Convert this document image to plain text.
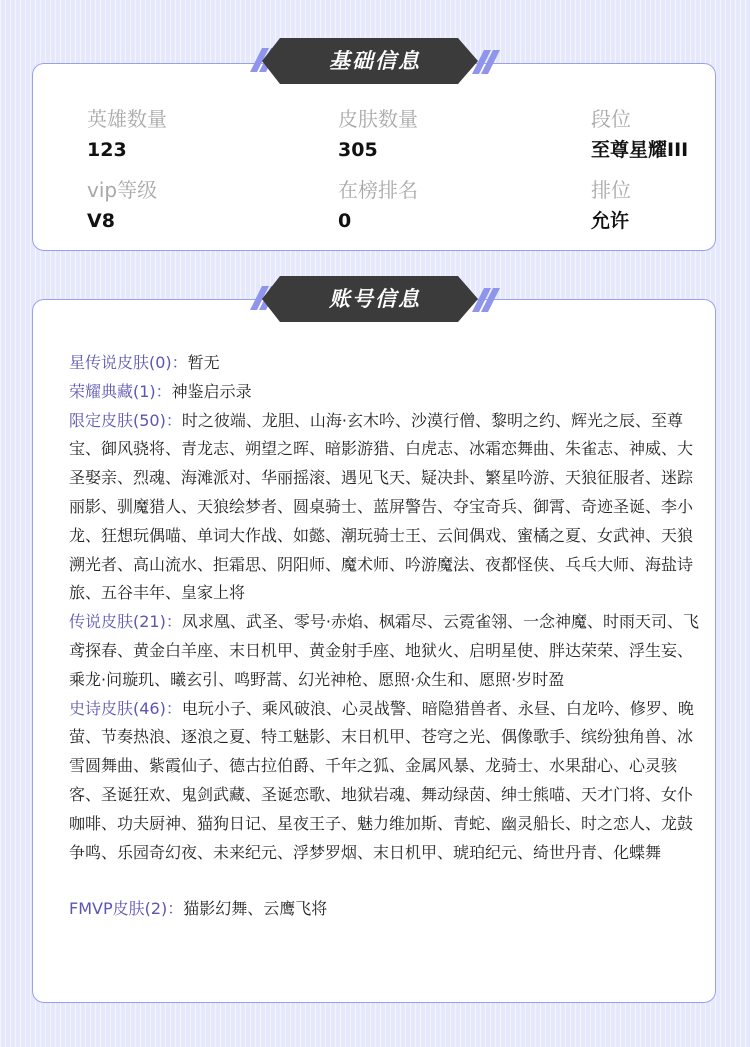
英雄数量
123
皮肤数量
305
段位
至尊星耀III
vip等级
V8
在榜排名
0
排位
允许
基础信息
星传说皮肤(0)：暂无
荣耀典藏(1)：神鉴启示录
限定皮肤(50)：时之彼端、龙胆、山海·玄木吟、沙漠行僧、黎明之约、辉光之辰、至尊宝、御风骁将、青龙志、朔望之晖、暗影游猎、白虎志、冰霜恋舞曲、朱雀志、神威、大圣娶亲、烈魂、海滩派对、华丽摇滚、遇见飞天、疑决卦、繁星吟游、天狼征服者、迷踪丽影、驯魔猎人、天狼绘梦者、圆桌骑士、蓝屏警告、夺宝奇兵、御霄、奇迹圣诞、李小龙、狂想玩偶喵、单词大作战、如懿、潮玩骑士王、云间偶戏、蜜橘之夏、女武神、天狼溯光者、高山流水、拒霜思、阴阳师、魔术师、吟游魔法、夜都怪侠、乓乓大师、海盐诗旅、五谷丰年、皇家上将
传说皮肤(21)：凤求凰、武圣、零号·赤焰、枫霜尽、云霓雀翎、一念神魔、时雨天司、飞鸢探春、黄金白羊座、末日机甲、黄金射手座、地狱火、启明星使、胖达荣荣、浮生妄、乘龙·问璇玑、曦玄引、鸣野蒿、幻光神枪、愿照·众生和、愿照·岁时盈
史诗皮肤(46)：电玩小子、乘风破浪、心灵战警、暗隐猎兽者、永昼、白龙吟、修罗、晚萤、节奏热浪、逐浪之夏、特工魅影、末日机甲、苍穹之光、偶像歌手、缤纷独角兽、冰雪圆舞曲、紫霞仙子、德古拉伯爵、千年之狐、金属风暴、龙骑士、水果甜心、心灵骇客、圣诞狂欢、鬼剑武藏、圣诞恋歌、地狱岩魂、舞动绿茵、绅士熊喵、天才门将、女仆咖啡、功夫厨神、猫狗日记、星夜王子、魅力维加斯、青蛇、幽灵船长、时之恋人、龙鼓争鸣、乐园奇幻夜、未来纪元、浮梦罗烟、末日机甲、琥珀纪元、绮世丹青、化蝶舞
FMVP皮肤(2)：猫影幻舞、云鹰飞将
账号信息
